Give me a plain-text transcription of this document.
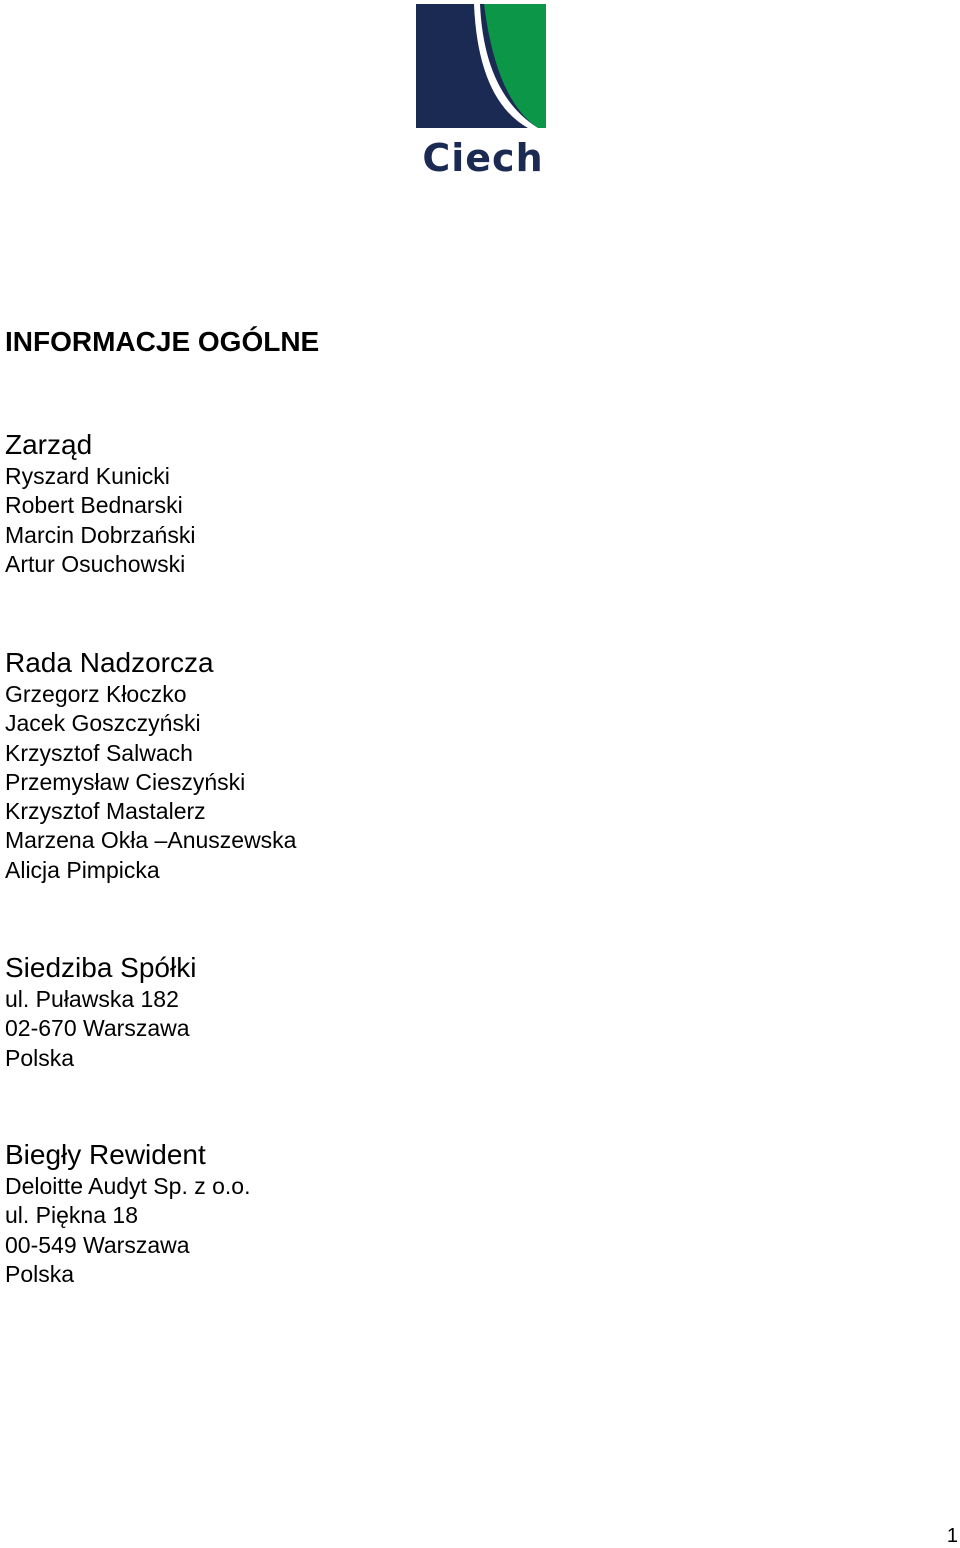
Ciech
INFORMACJE OGÓLNE
Zarząd

Ryszard Kunicki

Robert Bednarski

Marcin Dobrzański

Artur Osuchowski

Rada Nadzorcza

Grzegorz Kłoczko

Jacek Goszczyński

Krzysztof Salwach

Przemysław Cieszyński

Krzysztof Mastalerz

Marzena Okła –Anuszewska

Alicja Pimpicka

Siedziba Spółki

ul. Puławska 182

02-670 Warszawa

Polska

Biegły Rewident

Deloitte Audyt Sp. z o.o.

ul. Piękna 18

00-549 Warszawa

Polska

1
